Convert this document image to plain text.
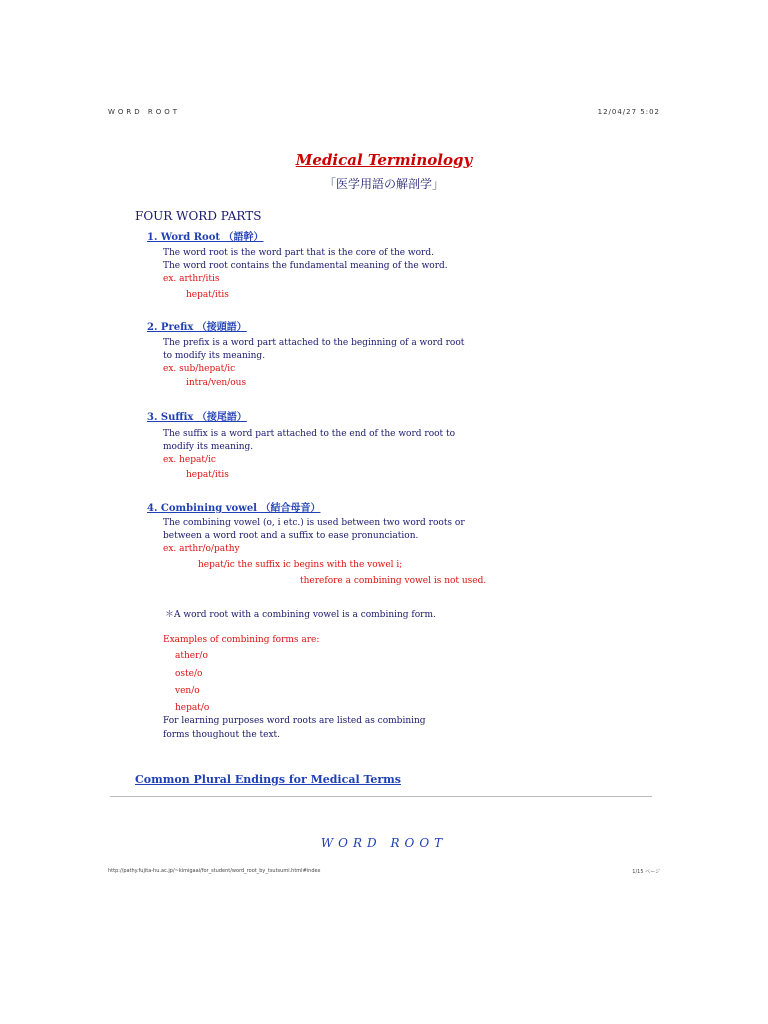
WORD ROOT	12/04/27 5:02
Medical Terminology
「医学用語の解剖学」
FOUR WORD PARTS
1. Word Root （語幹）
The word root is the word part that is the core of the word.
The word root contains the fundamental meaning of the word.
ex. arthr/itis
hepat/itis
2. Prefix （接頭語）
The prefix is a word part attached to the beginning of a word root
to modify its meaning.
ex. sub/hepat/ic
intra/ven/ous
3. Suffix （接尾語）
The suffix is a word part attached to the end of the word root to
modify its meaning.
ex. hepat/ic
hepat/itis
4. Combining vowel （結合母音）
The combining vowel (o, i etc.) is used between two word roots or
between a word root and a suffix to ease pronunciation.
ex. arthr/o/pathy
hepat/ic the suffix ic begins with the vowel i;
therefore a combining vowel is not used.
＊A word root with a combining vowel is a combining form.
Examples of combining forms are:
ather/o
oste/o
ven/o
hepat/o
For learning purposes word roots are listed as combining
forms thoughout the text.
Common Plural Endings for Medical Terms
WORD ROOT
http://pathy.fujita-hu.ac.jp/~kimigaai/for_student/word_root_by_tsutsumi.html#index	1/15 ページ
